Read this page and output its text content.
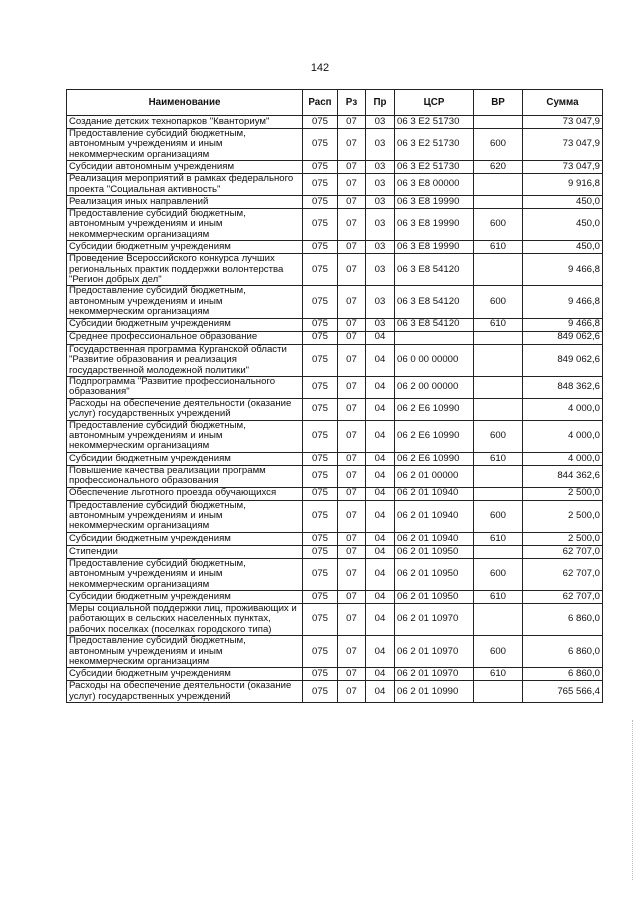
142
Наименование	Расп	Рз	Пр	ЦСР	ВР	Сумма
Создание детских технопарков "Кванториум"	075	07	03	06 3 E2 51730		73 047,9
Предоставление субсидий бюджетным, автономным учреждениям и иным некоммерческим организациям	075	07	03	06 3 E2 51730	600	73 047,9
Субсидии автономным учреждениям	075	07	03	06 3 E2 51730	620	73 047,9
Реализация мероприятий в рамках федерального проекта "Социальная активность"	075	07	03	06 3 E8 00000		9 916,8
Реализация иных направлений	075	07	03	06 3 E8 19990		450,0
Предоставление субсидий бюджетным, автономным учреждениям и иным некоммерческим организациям	075	07	03	06 3 E8 19990	600	450,0
Субсидии бюджетным учреждениям	075	07	03	06 3 E8 19990	610	450,0
Проведение Всероссийского конкурса лучших региональных практик поддержки волонтерства "Регион добрых дел"	075	07	03	06 3 E8 54120		9 466,8
Предоставление субсидий бюджетным, автономным учреждениям и иным некоммерческим организациям	075	07	03	06 3 E8 54120	600	9 466,8
Субсидии бюджетным учреждениям	075	07	03	06 3 E8 54120	610	9 466,8
Среднее профессиональное образование	075	07	04			849 062,6
Государственная программа Курганской области "Развитие образования и реализация государственной молодежной политики"	075	07	04	06 0 00 00000		849 062,6
Подпрограмма "Развитие профессионального образования"	075	07	04	06 2 00 00000		848 362,6
Расходы на обеспечение деятельности (оказание услуг) государственных учреждений	075	07	04	06 2 E6 10990		4 000,0
Предоставление субсидий бюджетным, автономным учреждениям и иным некоммерческим организациям	075	07	04	06 2 E6 10990	600	4 000,0
Субсидии бюджетным учреждениям	075	07	04	06 2 E6 10990	610	4 000,0
Повышение качества реализации программ профессионального образования	075	07	04	06 2 01 00000		844 362,6
Обеспечение льготного проезда обучающихся	075	07	04	06 2 01 10940		2 500,0
Предоставление субсидий бюджетным, автономным учреждениям и иным некоммерческим организациям	075	07	04	06 2 01 10940	600	2 500,0
Субсидии бюджетным учреждениям	075	07	04	06 2 01 10940	610	2 500,0
Стипендии	075	07	04	06 2 01 10950		62 707,0
Предоставление субсидий бюджетным, автономным учреждениям и иным некоммерческим организациям	075	07	04	06 2 01 10950	600	62 707,0
Субсидии бюджетным учреждениям	075	07	04	06 2 01 10950	610	62 707,0
Меры социальной поддержки лиц, проживающих и работающих в сельских населенных пунктах, рабочих поселках (поселках городского типа)	075	07	04	06 2 01 10970		6 860,0
Предоставление субсидий бюджетным, автономным учреждениям и иным некоммерческим организациям	075	07	04	06 2 01 10970	600	6 860,0
Субсидии бюджетным учреждениям	075	07	04	06 2 01 10970	610	6 860,0
Расходы на обеспечение деятельности (оказание услуг) государственных учреждений	075	07	04	06 2 01 10990		765 566,4
